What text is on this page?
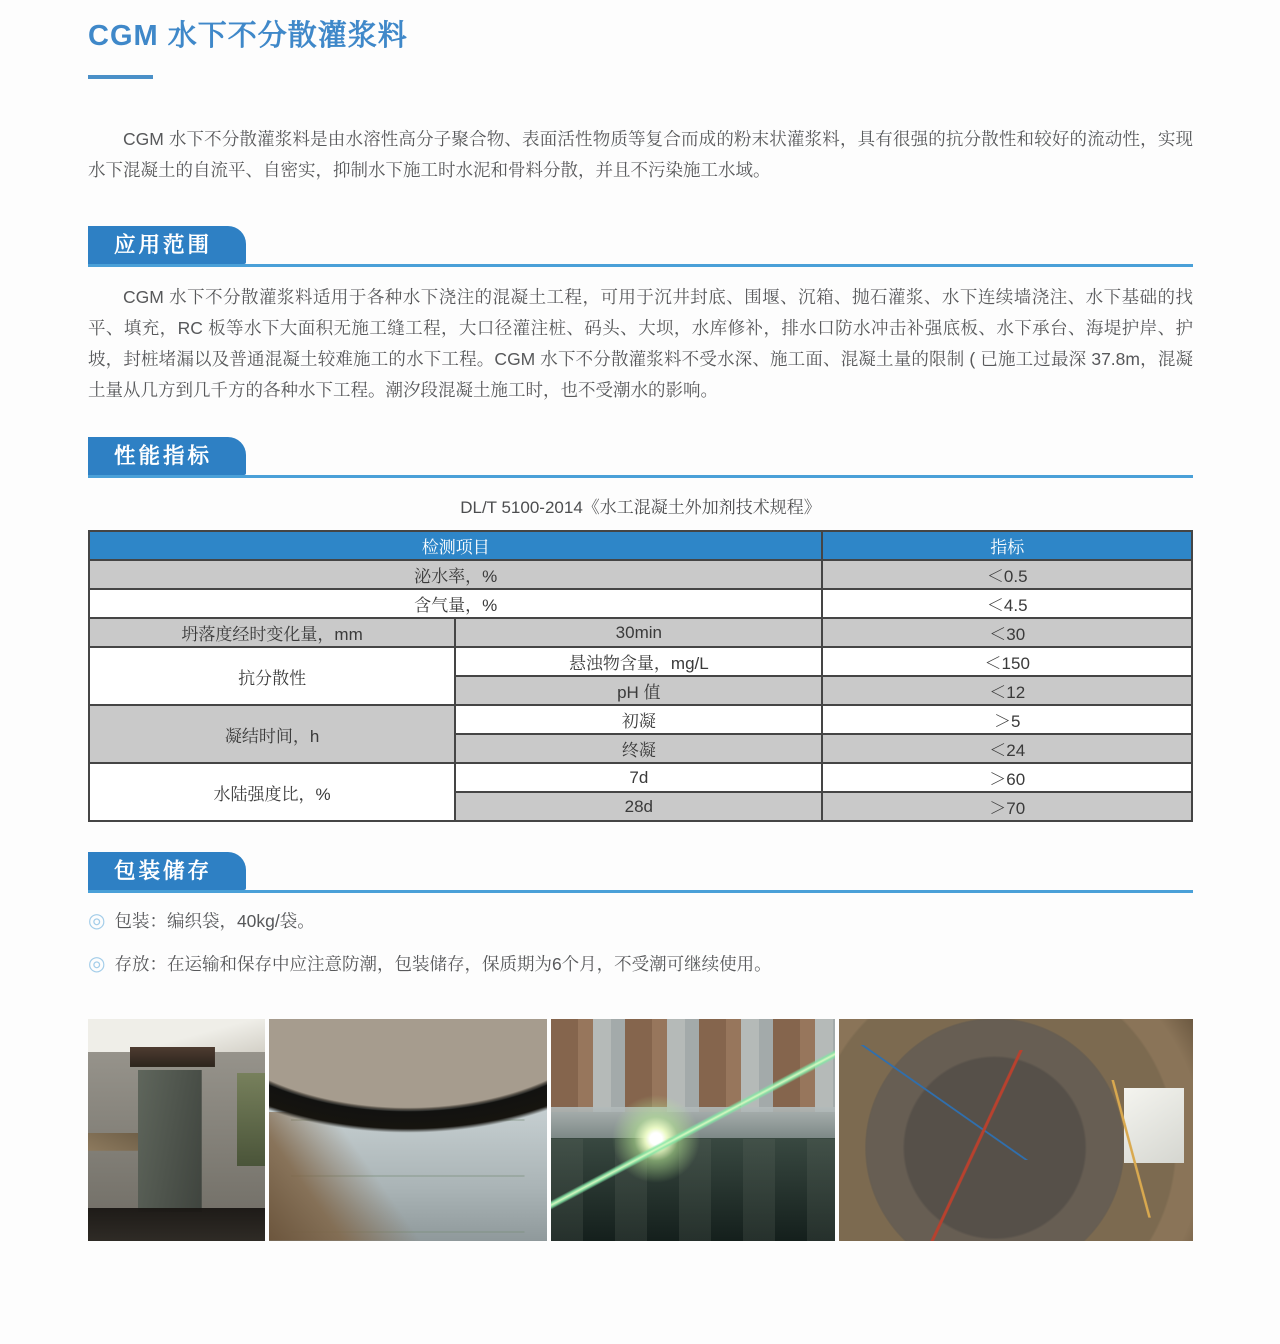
CGM 水下不分散灌浆料

CGM 水下不分散灌浆料是由水溶性高分子聚合物、表面活性物质等复合而成的粉末状灌浆料，具有很强的抗分散性和较好的流动性，实现水下混凝土的自流平、自密实，抑制水下施工时水泥和骨料分散，并且不污染施工水域。

应用范围

CGM 水下不分散灌浆料适用于各种水下浇注的混凝土工程，可用于沉井封底、围堰、沉箱、抛石灌浆、水下连续墙浇注、水下基础的找平、填充，RC 板等水下大面积无施工缝工程，大口径灌注桩、码头、大坝，水库修补，排水口防水冲击补强底板、水下承台、海堤护岸、护坡，封桩堵漏以及普通混凝土较难施工的水下工程。CGM 水下不分散灌浆料不受水深、施工面、混凝土量的限制 ( 已施工过最深 37.8m，混凝土量从几方到几千方的各种水下工程。潮汐段混凝土施工时，也不受潮水的影响。

性能指标
DL/T 5100-2014《水工混凝土外加剂技术规程》
检测项目		指标
泌水率，%		＜0.5
含气量，%		＜4.5
坍落度经时变化量，mm	30min	＜30
抗分散性	悬浊物含量，mg/L	＜150
	pH 值	＜12
凝结时间，h	初凝	＞5
	终凝	＜24
水陆强度比，%	7d	＞60
	28d	＞70
包装储存
◎ 包装：编织袋，40kg/袋。
◎ 存放：在运输和保存中应注意防潮，包装储存，保质期为6个月，不受潮可继续使用。
